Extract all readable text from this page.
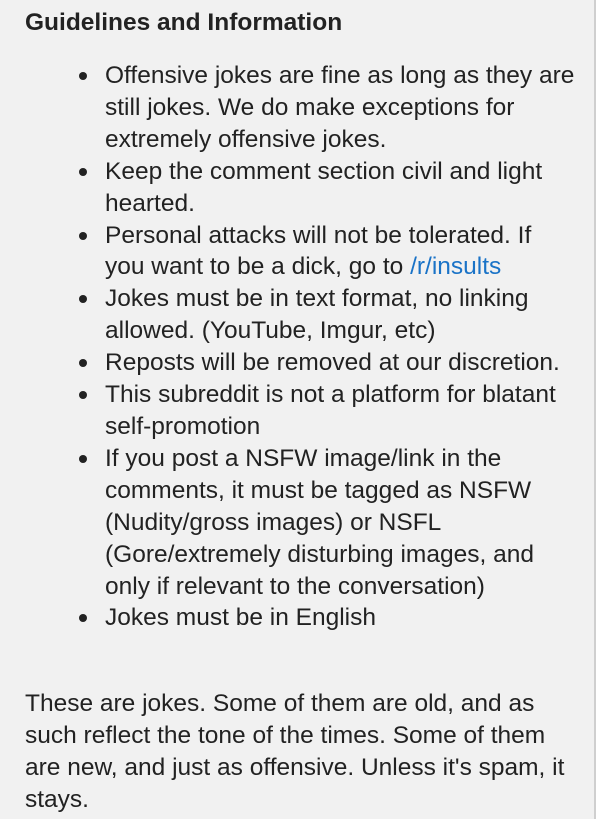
Guidelines and Information
Offensive jokes are fine as long as they are still jokes. We do make exceptions for extremely offensive jokes.
Keep the comment section civil and light hearted.
Personal attacks will not be tolerated. If you want to be a dick, go to /r/insults
Jokes must be in text format, no linking allowed. (YouTube, Imgur, etc)
Reposts will be removed at our discretion.
This subreddit is not a platform for blatant self-promotion
If you post a NSFW image/link in the comments, it must be tagged as NSFW (Nudity/gross images) or NSFL (Gore/extremely disturbing images, and only if relevant to the conversation)
Jokes must be in English

These are jokes. Some of them are old, and as such reflect the tone of the times. Some of them are new, and just as offensive. Unless it's spam, it stays.
